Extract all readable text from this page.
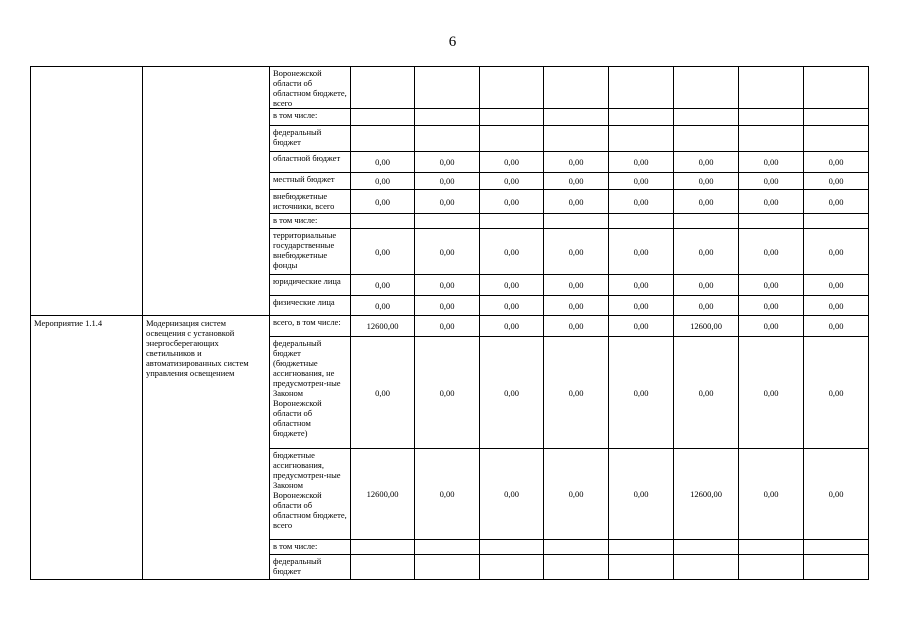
6
		Воронежской области об областном бюджете, всего								
		в том числе:								
		федеральный бюджет								
		областной бюджет	0,00	0,00	0,00	0,00	0,00	0,00	0,00	0,00
		местный бюджет	0,00	0,00	0,00	0,00	0,00	0,00	0,00	0,00
		внебюджетные источники, всего	0,00	0,00	0,00	0,00	0,00	0,00	0,00	0,00
		в том числе:								
		территориальные государственные внебюджетные фонды	0,00	0,00	0,00	0,00	0,00	0,00	0,00	0,00
		юридические лица	0,00	0,00	0,00	0,00	0,00	0,00	0,00	0,00
		физические лица	0,00	0,00	0,00	0,00	0,00	0,00	0,00	0,00
Мероприятие 1.1.4	Модернизация систем освещения с установкой энергосберегающих светильников и автоматизированных систем управления освещением	всего, в том числе:	12600,00	0,00	0,00	0,00	0,00	12600,00	0,00	0,00
		федеральный бюджет (бюджетные ассигнования, не предусмотрен-ные Законом Воронежской области об областном бюджете)	0,00	0,00	0,00	0,00	0,00	0,00	0,00	0,00
		бюджетные ассигнования, предусмотрен-ные Законом Воронежской области об областном бюджете, всего	12600,00	0,00	0,00	0,00	0,00	12600,00	0,00	0,00
		в том числе:								
		федеральный бюджет								
